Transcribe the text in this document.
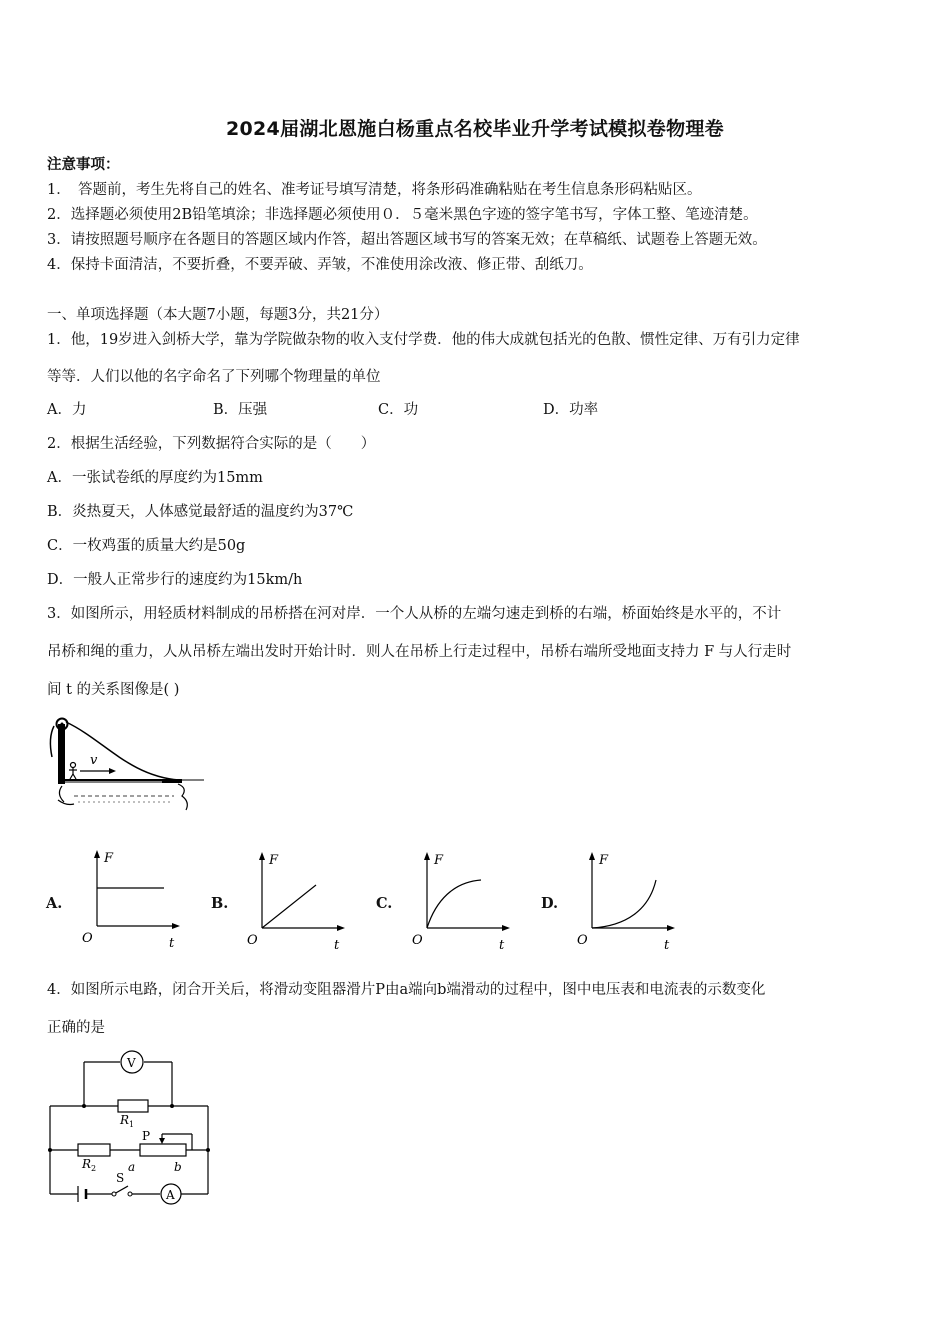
2024届湖北恩施白杨重点名校毕业升学考试模拟卷物理卷
注意事项：
1．　答题前，考生先将自己的姓名、准考证号填写清楚，将条形码准确粘贴在考生信息条形码粘贴区。
2．选择题必须使用2B铅笔填涂；非选择题必须使用０．５毫米黑色字迹的签字笔书写，字体工整、笔迹清楚。
3．请按照题号顺序在各题目的答题区域内作答，超出答题区域书写的答案无效；在草稿纸、试题卷上答题无效。
4．保持卡面清洁，不要折叠，不要弄破、弄皱，不准使用涂改液、修正带、刮纸刀。
一、单项选择题（本大题7小题，每题3分，共21分）
1．他，19岁进入剑桥大学，靠为学院做杂物的收入支付学费．他的伟大成就包括光的色散、惯性定律、万有引力定律
等等．人们以他的名字命名了下列哪个物理量的单位
A．力	B．压强	C．功	D．功率
2．根据生活经验，下列数据符合实际的是（　　）
A．一张试卷纸的厚度约为15mm
B．炎热夏天，人体感觉最舒适的温度约为37℃
C．一枚鸡蛋的质量大约是50g
D．一般人正常步行的速度约为15km/h
3．如图所示，用轻质材料制成的吊桥搭在河对岸．一个人从桥的左端匀速走到桥的右端，桥面始终是水平的，不计
吊桥和绳的重力，人从吊桥左端出发时开始计时．则人在吊桥上行走过程中，吊桥右端所受地面支持力 F 与人行走时
间 t 的关系图像是( )
v
A.
F
t
O
B.
F
t
O
C.
F
t
O
D.
F
t
O
4．如图所示电路，闭合开关后，将滑动变阻器滑片P由a端向b端滑动的过程中，图中电压表和电流表的示数变化
正确的是
V
A
R 1
R 2
P
a	b
S
